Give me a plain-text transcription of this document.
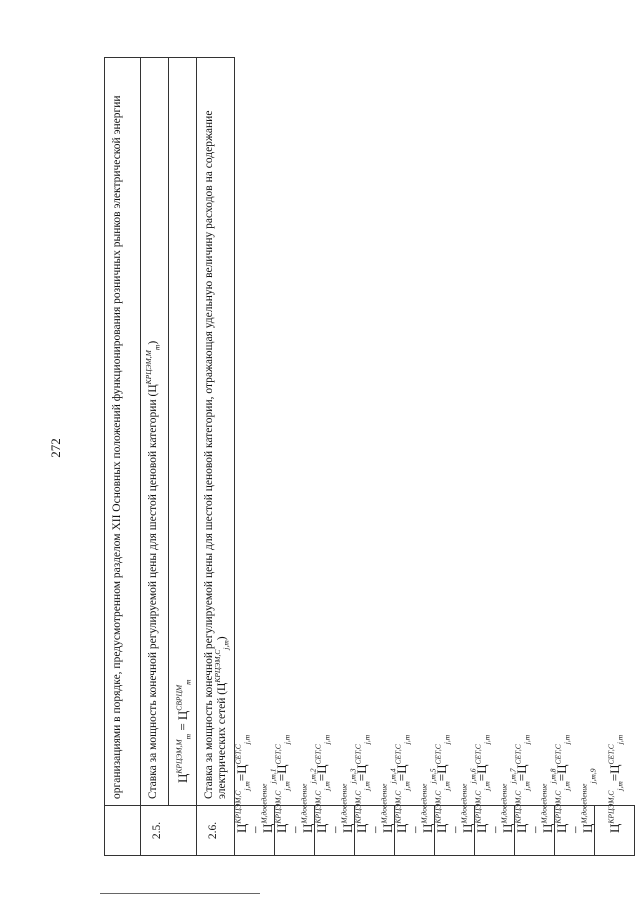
272
		организациями в порядке, предусмотренном разделом XII Основных положений функционирования розничных рынков электрической энергии
2.5.	Ставка за мощность конечной регулируемой цены для шестой ценовой категории $(Ц^{КРЦЭМ,М}_m)$
	$Ц^{КРЦЭМ,М}_m = Ц^{СВРЦМ}_m$
2.6.	Ставка за мощность конечной регулируемой цены для шестой ценовой категории, отражающая удельную величину расходов на содержание электрических сетей $(Ц^{КРЦЭМ,С}_{j,m})$
$Ц^{КРЦЭМ,С}_{j,m}=Ц^{СЕТ,С}_{j,m} - Ц^{М,доведение}_{j,m,1}$
$Ц^{КРЦЭМ,С}_{j,m}=Ц^{СЕТ,С}_{j,m} - Ц^{М,доведение}_{j,m,2}$
$Ц^{КРЦЭМ,С}_{j,m}=Ц^{СЕТ,С}_{j,m} - Ц^{М,доведение}_{j,m,3}$
$Ц^{КРЦЭМ,С}_{j,m}=Ц^{СЕТ,С}_{j,m} - Ц^{М,доведение}_{j,m,4}$
$Ц^{КРЦЭМ,С}_{j,m}=Ц^{СЕТ,С}_{j,m} - Ц^{М,доведение}_{j,m,5}$
$Ц^{КРЦЭМ,С}_{j,m}=Ц^{СЕТ,С}_{j,m} - Ц^{М,доведение}_{j,m,6}$
$Ц^{КРЦЭМ,С}_{j,m}=Ц^{СЕТ,С}_{j,m} - Ц^{М,доведение}_{j,m,7}$
$Ц^{КРЦЭМ,С}_{j,m}=Ц^{СЕТ,С}_{j,m} - Ц^{М,доведение}_{j,m,8}$
$Ц^{КРЦЭМ,С}_{j,m}=Ц^{СЕТ,С}_{j,m} - Ц^{М,доведение}_{j,m,9}$
$Ц^{КРЦЭМ,С}_{j,m}=Ц^{СЕТ,С}_{j,m}$
